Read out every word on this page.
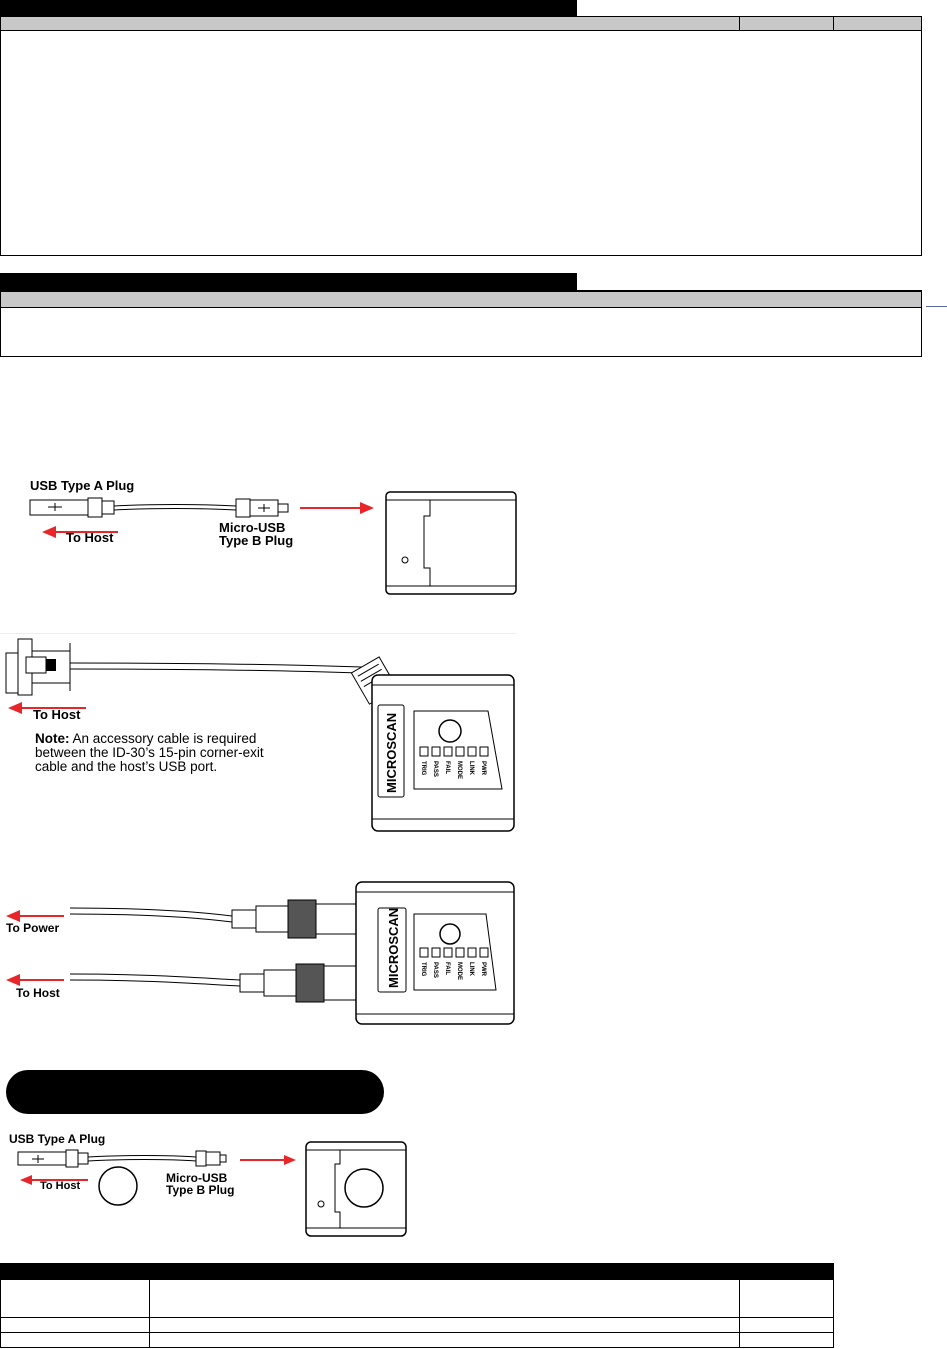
USB Type A Plug
To Host
Micro-USB
Type B Plug
TRIG PASS FAIL MODE LINK PWR
MICROSCAN
To Host
Note: An accessory cable is required between the ID-30’s 15-pin corner-exit cable and the host’s USB port.
TRIG PASS FAIL MODE LINK PWR
MICROSCAN
To Power
To Host
USB Type A Plug
To Host
Micro-USB
Type B Plug
